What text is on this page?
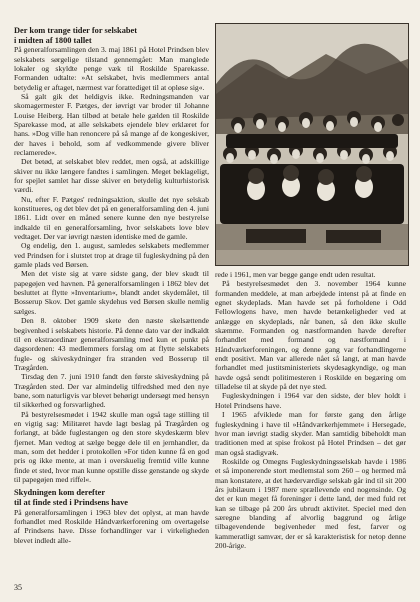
Der kom trange tider for selskabet
i midten af 1800 tallet

På generalforsamlingen den 3. maj 1861 på Hotel Prindsen blev selskabets sørgelige tilstand gennemgået: Man manglede lokaler og skyldte penge væk til Roskilde Sparekasse. Formanden udtalte: »At selskabet, hvis medlemmers antal betydelig er aftaget, nærmest var forattediget til at opløse sig«.

Så galt gik det heldigvis ikke. Redningsmanden var skomagermester F. Pætges, der iøvrigt var broder til Johanne Louise Heiberg. Han tilbød at betale hele gælden til Roskilde Sparekasse mod, at alle selskabets ejendele blev erklæret for hans. »Dog ville han renoncere på så mange af de kongeskiver, der haves i behold, som af vedkommende givere bliver reclamerede«.

Det betød, at selskabet blev reddet, men også, at adskillige skiver nu ikke længere fandtes i samlingen. Meget beklageligt, for spejlet samlet har disse skiver en betydelig kulturhistorisk værdi.

Nu, efter F. Pætges' redningsaktion, skulle det nye selskab konstitueres, og det blev det på en generalforsamling den 4. juni 1861. Lidt over en måned senere kunne den nye bestyrelse indkalde til en generalforsamling, hvor selskabets love blev vedtaget. Der var iøvrigt næsten identiske med de gamle.

Og endelig, den 1. august, samledes selskabets medlemmer ved Prindsen for i slutstet trop at drage til fugleskydning på den gamle plads ved Børsen.

Men det viste sig at være sidste gang, der blev skudt til papegøjen ved havnen. På generalforsamlingen i 1862 blev det besluttet at flytte »Inventarium«, blandt andet skydemålet, til Bosserup Skov. Det gamle skydehus ved Børsen skulle nemlig sælges.

Den 8. oktober 1909 skete den næste skelsættende begivenhed i selskabets historie. På denne dato var der indkaldt til en ekstraordinær generalforsamling med kun et punkt på dagsordenen: 43 medlemmers forslag om at flytte selskabets fugle- og skiveskydninger fra stranden ved Bosserup til Trægården.

Tirsdag den 7. juni 1910 fandt den første skiveskydning på Trægården sted. Der var almindelig tilfredshed med den nye bane, som naturligvis var blevet behørigt undersøgt med hensyn til sikkerhed og forsvarlighed.

På bestyrelsesmødet i 1942 skulle man også tage stilling til en vigtig sag: Militæret havde lagt beslag på Trægården og forlangt, at både fuglestangen og den store skydeskærm blev fjernet. Man vedtog at sælge begge dele til en jernhandler, da man, som det hedder i protokollen »For tiden kunne få en god pris og ikke mente, at man i overskuelig fremtid ville kunne finde et sted, hvor man kunne opstille disse genstande og skyde til papegøjen med riffel«.

Skydningen kom derefter
til at finde sted i Prindsens have

På generalforsamlingen i 1963 blev det oplyst, at man havde forhandlet med Roskilde Håndværkerforening om overtagelse af Prindsens have. Disse forhandlinger var i virkeligheden blevet indledt alle-

rede i 1961, men var begge gange endt uden resultat.

På bestyrelsesmødet den 3. november 1964 kunne formanden meddele, at man arbejdede intenst på at finde en egnet skydeplads. Man havde set på forholdene i Odd Fellowlogens have, men havde betænkeligheder ved at anlægge en skydeplads, når banen, så den ikke skulle skæmme. Formanden og næstformanden havde derefter forhandlet med formand og næstformand i Håndværkerforeningen, og denne gang var forhandlingerne endt positivt. Man var allerede nået så langt, at man havde forhandlet med justitsministeriets skydesagkyndige, og man havde også sendt politimesteren i Roskilde en begæring om tilladelse til at skyde på det nye sted.

Fugleskydningen i 1964 var den sidste, der blev holdt i Hotel Prindsens have.

I 1965 afviklede man for første gang den årlige fugleskydning i have til »Håndværkerhjemmet« i Hersegade, hvor man iøvrigt stadig skyder. Man samtidig bibeholdt man traditionen med at spise frokost på Hotel Prindsen – det gør man også stadigvæk.

Roskilde og Omegns Fugleskydningsselskab havde i 1986 et så imponerende stort medlemstal som 260 – og hermed må man konstatere, at det hæderværdige selskab går ind til sit 200 års jubilæum i 1987 mere sprællevende end nogensinde. Og det er kun meget få foreninger i dette land, der med fuld ret kan se tilbage på 200 års ubrudt aktivitet. Speciel med den særegne blanding af alvorlig baggrund og årlige tilbagevendende begivenheder med fest, farver og kammeratligt samvær, der er så karakteristisk for netop denne 200-årige.

35
